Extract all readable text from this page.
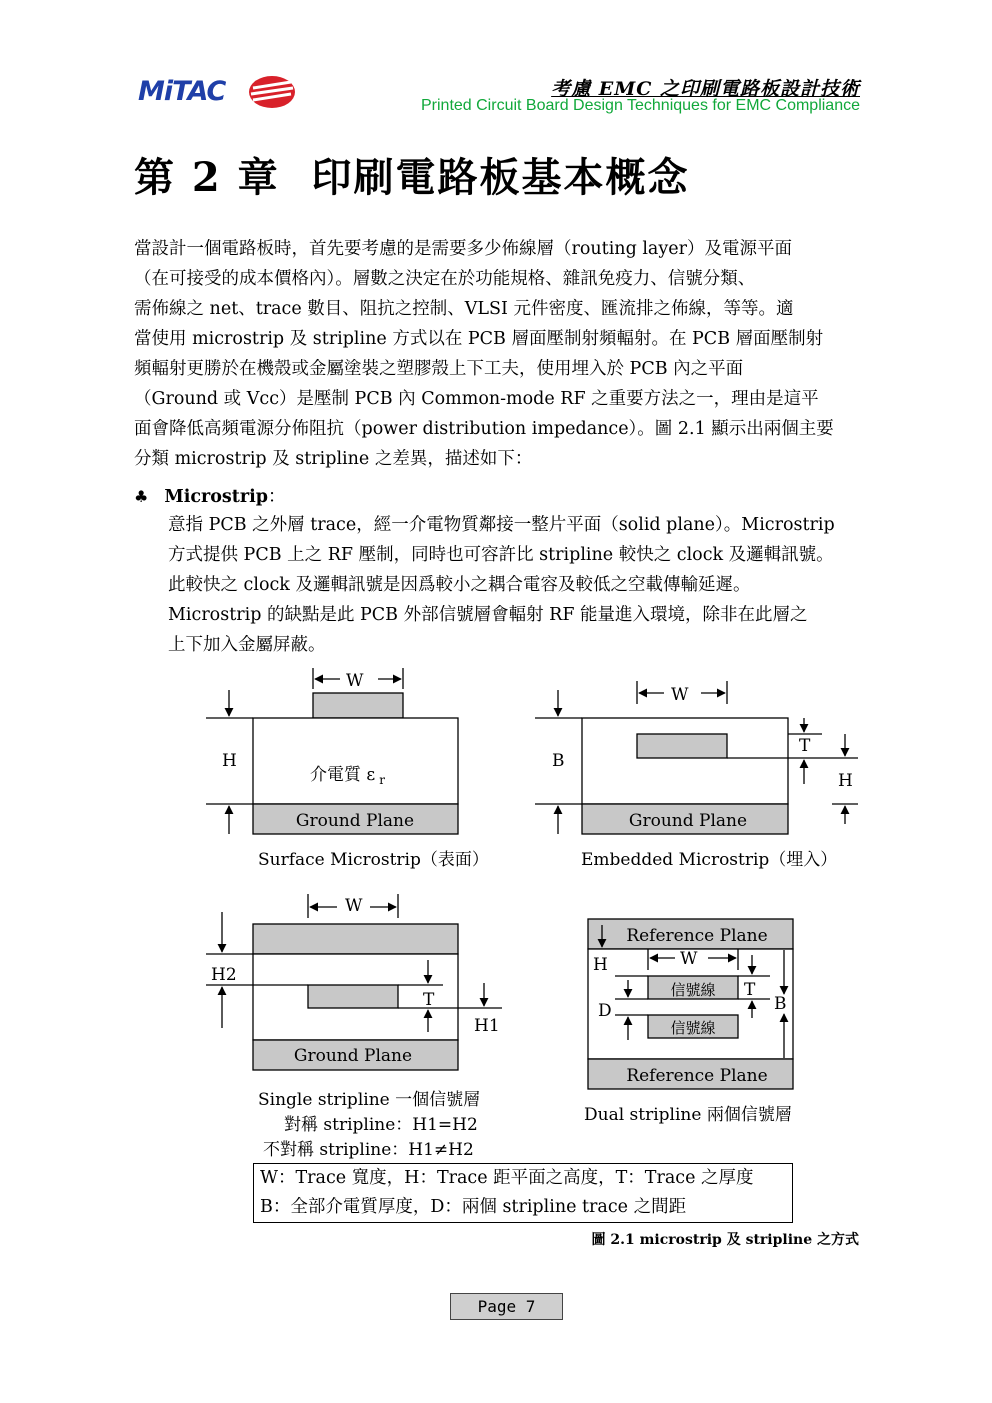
MiTAC	考慮 EMC 之印刷電路板設計技術
Printed Circuit Board Design Techniques for EMC Compliance
第 2 章  印刷電路板基本概念
當設計一個電路板時，首先要考慮的是需要多少佈線層（routing layer）及電源平面
（在可接受的成本價格內）。層數之決定在於功能規格、雜訊免疫力、信號分類、
需佈線之 net、trace 數目、阻抗之控制、VLSI 元件密度、匯流排之佈線，等等。適
當使用 microstrip 及 stripline 方式以在 PCB 層面壓制射頻輻射。在 PCB 層面壓制射
頻輻射更勝於在機殼或金屬塗裝之塑膠殼上下工夫，使用埋入於 PCB 內之平面
（Ground 或 Vcc）是壓制 PCB 內 Common-mode RF 之重要方法之一，理由是這平
面會降低高頻電源分佈阻抗（power distribution impedance）。圖 2.1 顯示出兩個主要
分類 microstrip 及 stripline 之差異，描述如下：
♣ Microstrip：
意指 PCB 之外層 trace，經一介電物質鄰接一整片平面（solid plane）。Microstrip
方式提供 PCB 上之 RF 壓制，同時也可容許比 stripline 較快之 clock 及邏輯訊號。
此較快之 clock 及邏輯訊號是因爲較小之耦合電容及較低之空載傳輸延遲。
Microstrip 的缺點是此 PCB 外部信號層會輻射 RF 能量進入環境，除非在此層之
上下加入金屬屏蔽。
W
H
介電質 ε $_r$
Ground Plane
W
B
T
H
Ground Plane
W
H2
T
H1
Ground Plane
Reference Plane
H	W
信號線 T
B
D
信號線
Reference Plane
Surface Microstrip（表面）	Embedded Microstrip（埋入）
Single stripline 一個信號層
對稱 stripline：H1=H2
不對稱 stripline：H1≠H2
Dual stripline 兩個信號層
W：Trace 寬度，H：Trace 距平面之高度，T：Trace 之厚度
B：全部介電質厚度，D：兩個 stripline trace 之間距
圖 2.1 microstrip 及 stripline 之方式
Page 7
